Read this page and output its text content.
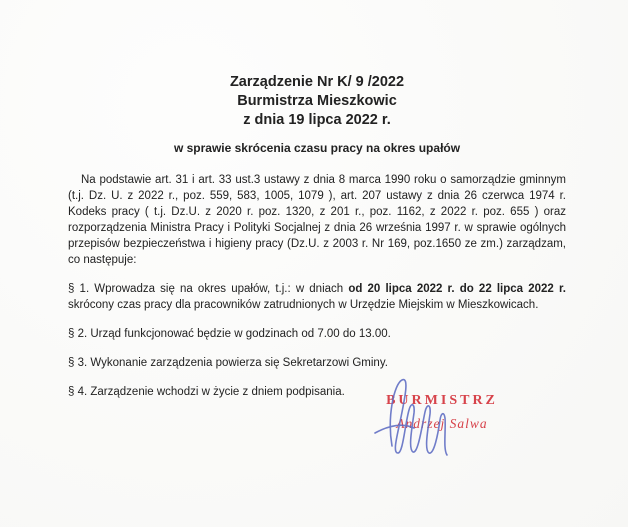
Zarządzenie Nr K/ 9 /2022
Burmistrza Mieszkowic
z dnia 19 lipca 2022 r.
w sprawie skrócenia czasu pracy na okres upałów

Na podstawie art. 31 i art. 33 ust.3 ustawy z dnia 8 marca 1990 roku o samorządzie gminnym (t.j. Dz. U. z 2022 r., poz. 559, 583, 1005, 1079 ), art. 207 ustawy z dnia 26 czerwca 1974 r. Kodeks pracy ( t.j. Dz.U. z 2020 r. poz. 1320, z 201 r., poz. 1162, z 2022 r. poz. 655 ) oraz rozporządzenia Ministra Pracy i Polityki Socjalnej z dnia 26 września 1997 r. w sprawie ogólnych przepisów bezpieczeństwa i higieny pracy (Dz.U. z 2003 r. Nr 169, poz.1650 ze zm.) zarządzam, co następuje:

§ 1. Wprowadza się na okres upałów, t.j.: w dniach od 20 lipca 2022 r. do 22 lipca 2022 r. skrócony czas pracy dla pracowników zatrudnionych w Urzędzie Miejskim w Mieszkowicach.

§ 2. Urząd funkcjonować będzie w godzinach od 7.00 do 13.00.

§ 3. Wykonanie zarządzenia powierza się Sekretarzowi Gminy.

§ 4. Zarządzenie wchodzi w życie z dniem podpisania.

BURMISTRZ
Andrzej Salwa
